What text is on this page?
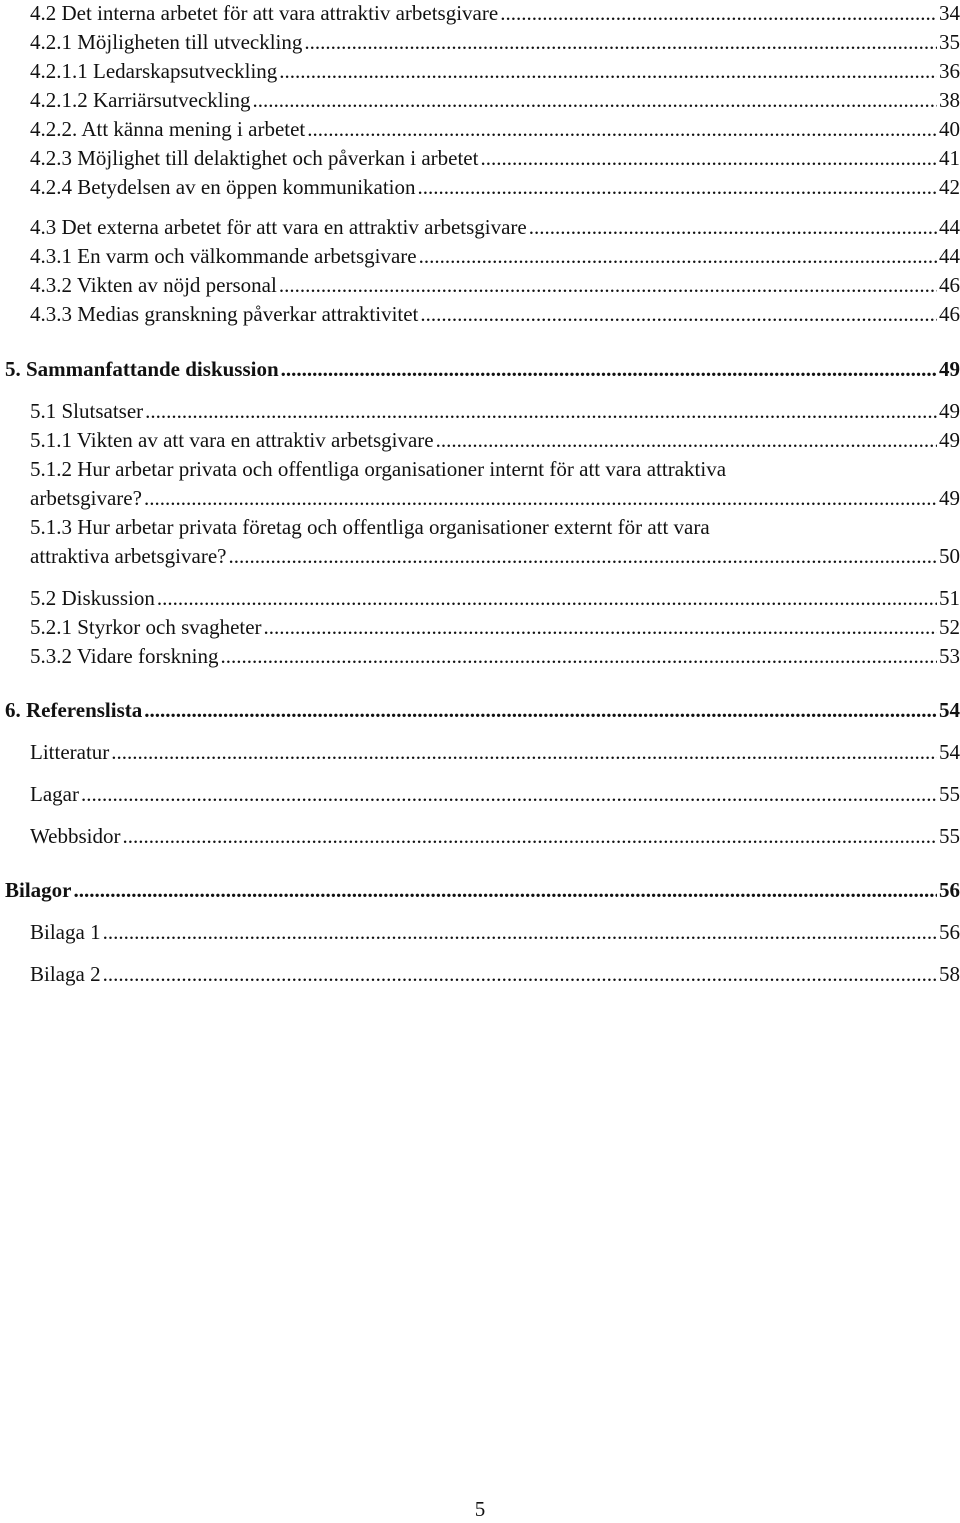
4.2 Det interna arbetet för att vara attraktiv arbetsgivare .....	34
4.2.1 Möjligheten till utveckling .....	35
4.2.1.1 Ledarskapsutveckling .....	36
4.2.1.2 Karriärsutveckling .....	38
4.2.2. Att känna mening i arbetet .....	40
4.2.3 Möjlighet till delaktighet och påverkan i arbetet .....	41
4.2.4 Betydelsen av en öppen kommunikation .....	42
4.3 Det externa arbetet för att vara en attraktiv arbetsgivare .....	44
4.3.1 En varm och välkommande arbetsgivare .....	44
4.3.2 Vikten av nöjd personal .....	46
4.3.3 Medias granskning påverkar attraktivitet .....	46
5. Sammanfattande diskussion .....	49
5.1 Slutsatser .....	49
5.1.1 Vikten av att vara en attraktiv arbetsgivare .....	49
5.1.2 Hur arbetar privata och offentliga organisationer internt för att vara attraktiva
arbetsgivare? .....	49
5.1.3 Hur arbetar privata företag och offentliga organisationer externt för att vara
attraktiva arbetsgivare? .....	50
5.2 Diskussion .....	51
5.2.1 Styrkor och svagheter .....	52
5.3.2 Vidare forskning .....	53
6. Referenslista .....	54
Litteratur .....	54
Lagar .....	55
Webbsidor .....	55
Bilagor .....	56
Bilaga 1 .....	56
Bilaga 2 .....	58
5
